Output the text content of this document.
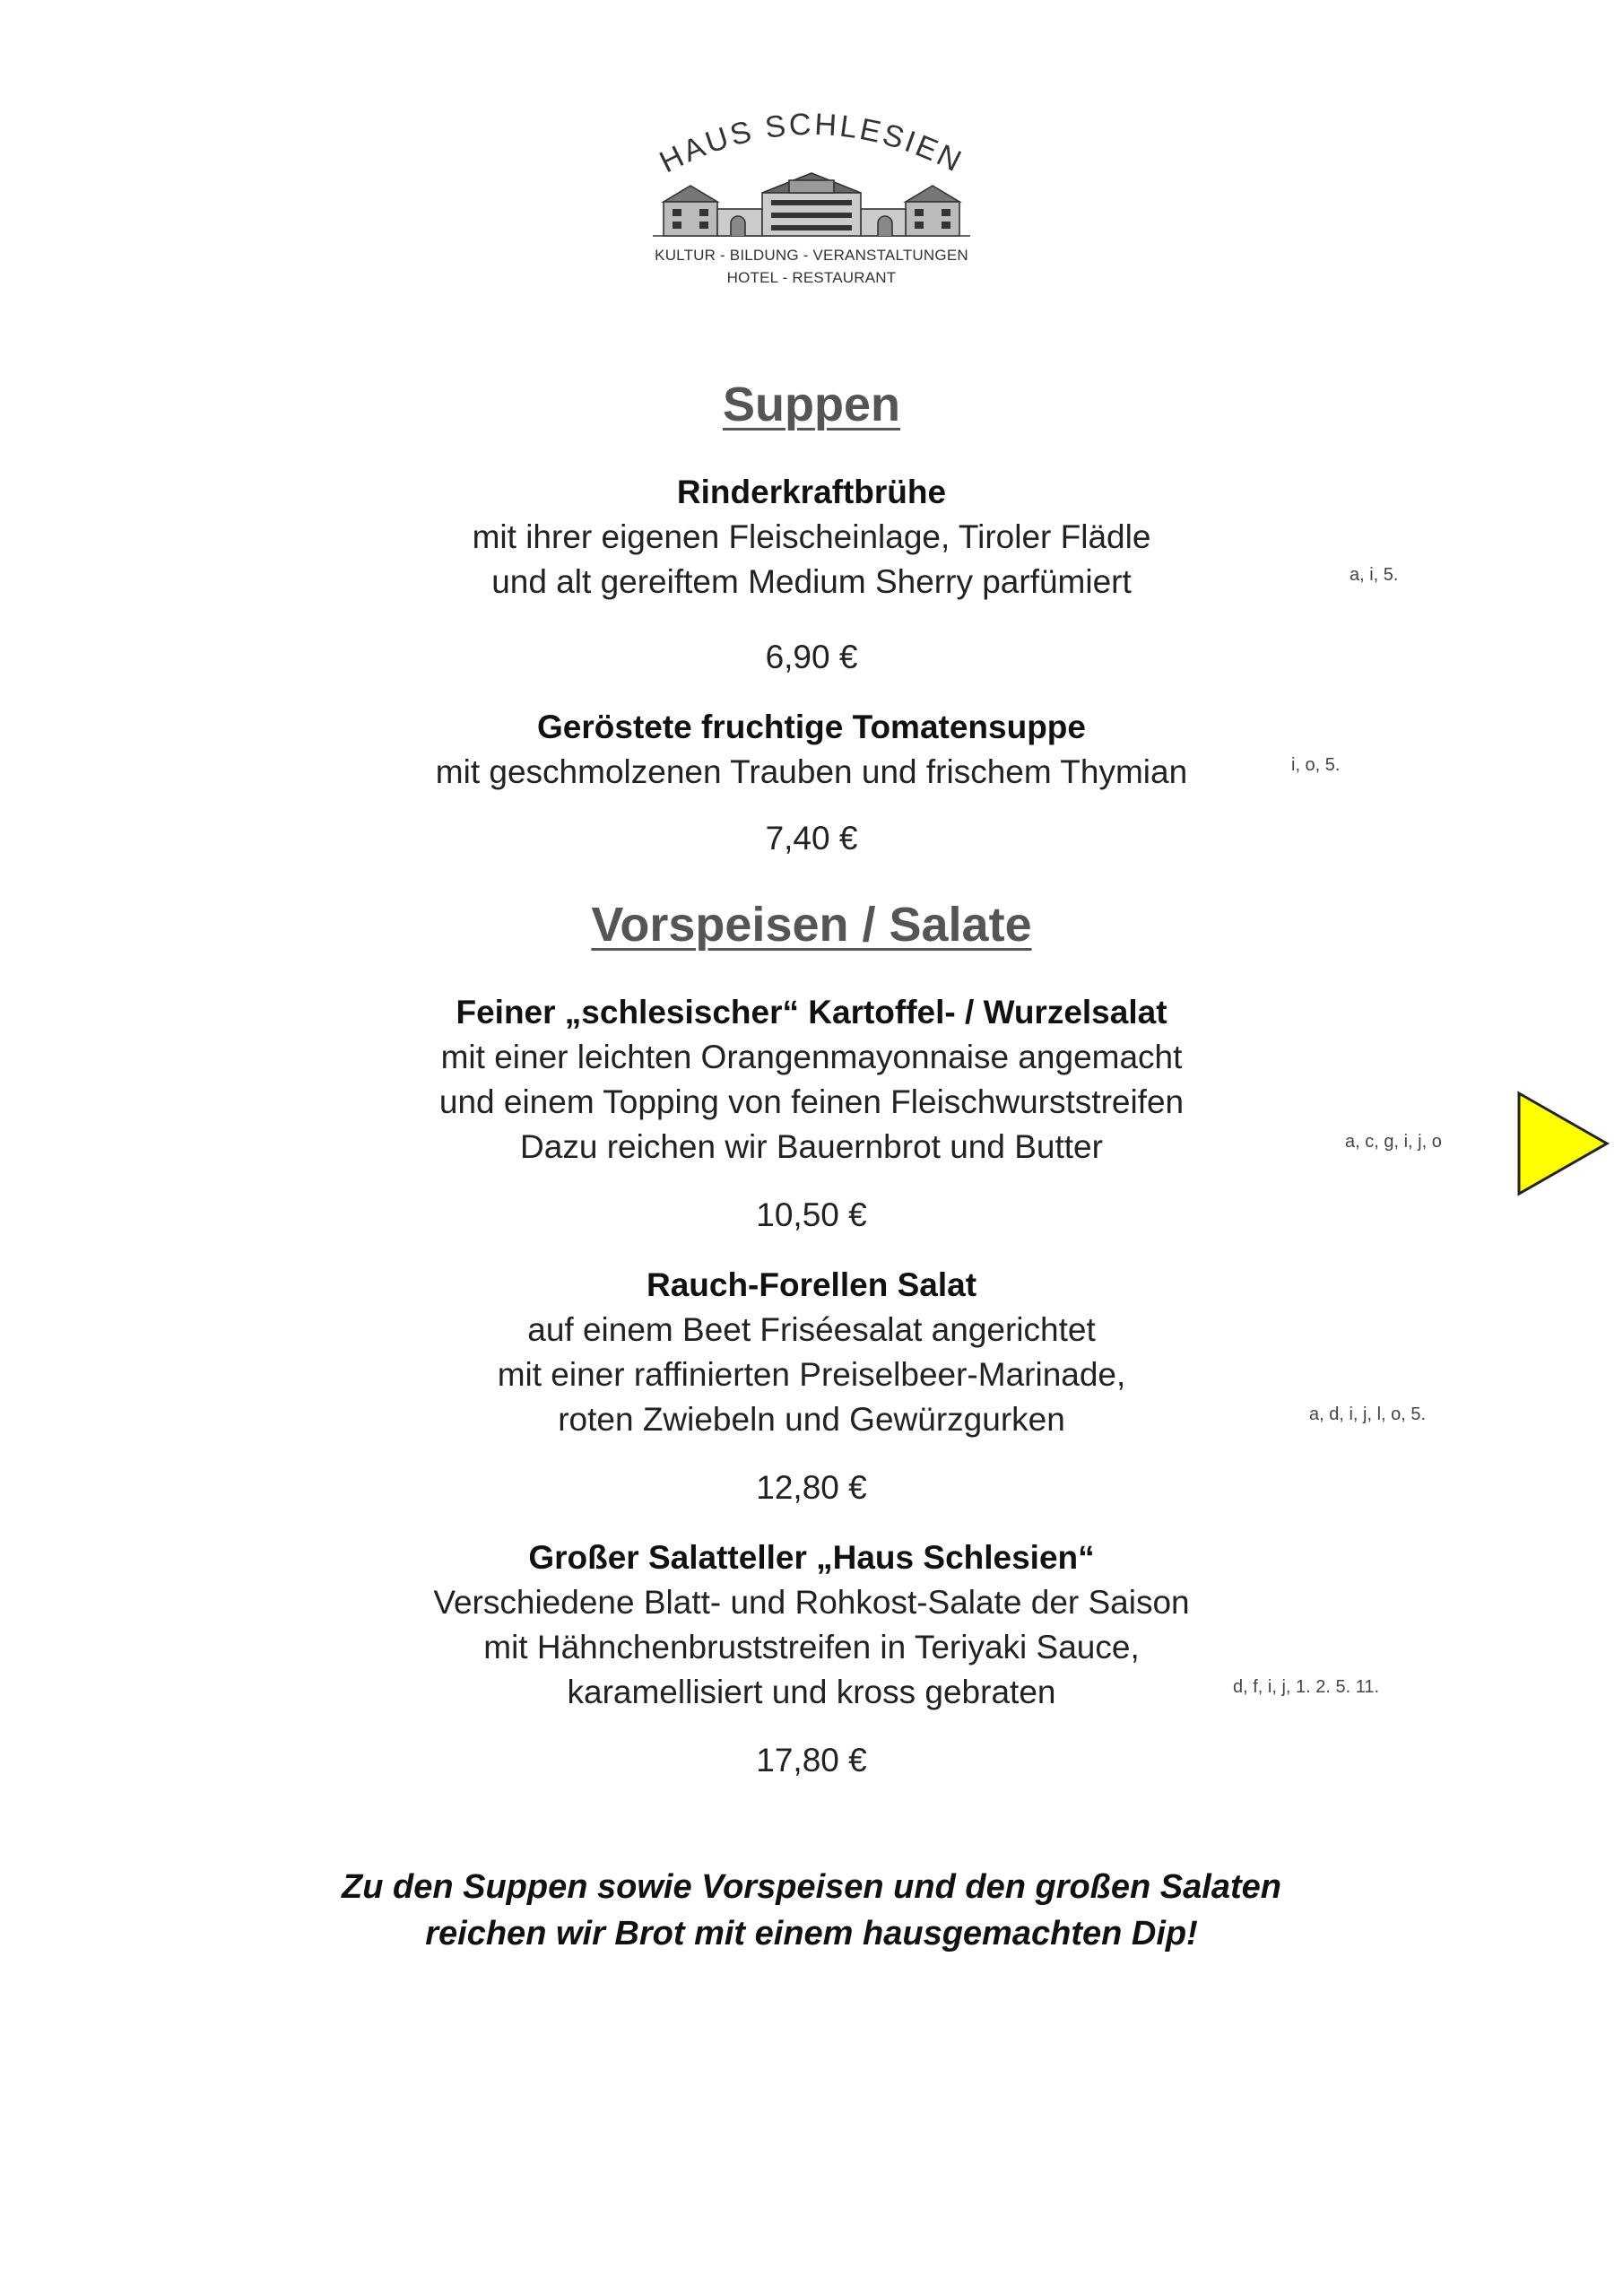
HAUS SCHLESIEN
KULTUR - BILDUNG - VERANSTALTUNGEN
HOTEL - RESTAURANT
Suppen
Rinderkraftbrühe
mit ihrer eigenen Fleischeinlage, Tiroler Flädle
und alt gereiftem Medium Sherry parfümiert	a, i, 5.
6,90 €
Geröstete fruchtige Tomatensuppe
mit geschmolzenen Trauben und frischem Thymian	i, o, 5.
7,40 €
Vorspeisen / Salate
Feiner „schlesischer“ Kartoffel- / Wurzelsalat
mit einer leichten Orangenmayonnaise angemacht
und einem Topping von feinen Fleischwurststreifen
Dazu reichen wir Bauernbrot und Butter	a, c, g, i, j, o
10,50 €
Rauch-Forellen Salat
auf einem Beet Friséesalat angerichtet
mit einer raffinierten Preiselbeer-Marinade,
roten Zwiebeln und Gewürzgurken	a, d, i, j, l, o, 5.
12,80 €
Großer Salatteller „Haus Schlesien“
Verschiedene Blatt- und Rohkost-Salate der Saison
mit Hähnchenbruststreifen in Teriyaki Sauce,
karamellisiert und kross gebraten	d, f, i, j, 1. 2. 5. 11.
17,80 €
Zu den Suppen sowie Vorspeisen und den großen Salaten
reichen wir Brot mit einem hausgemachten Dip!
